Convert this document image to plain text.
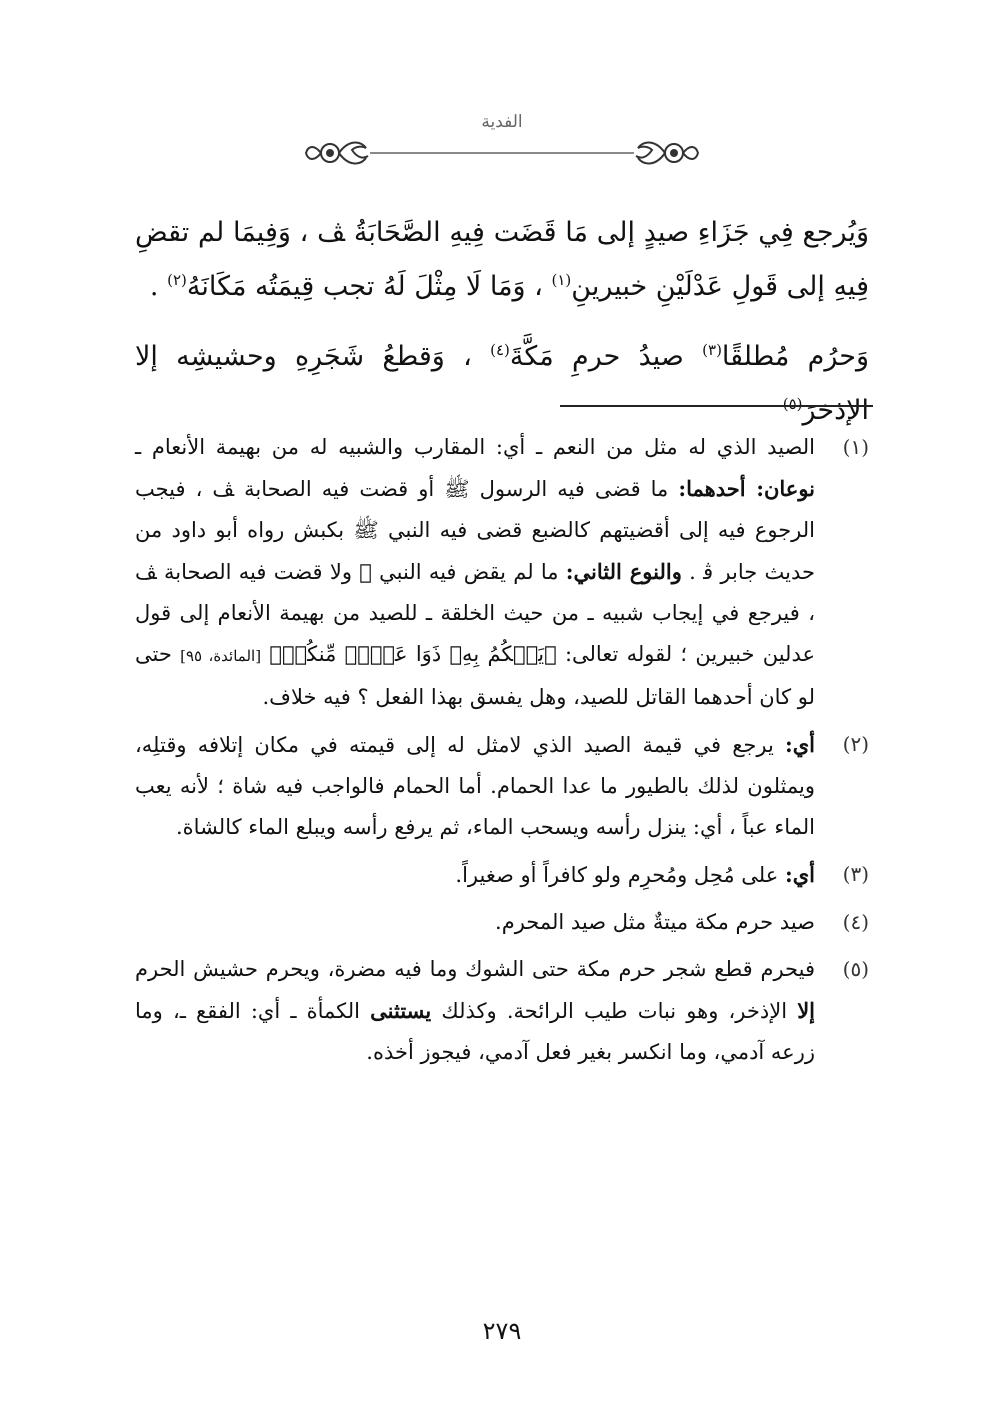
الفدية

وَيُرجع فِي جَزَاءِ صيدٍ إلى مَا قَضَت فِيهِ الصَّحَابَةُ ﭫ ، وَفِيمَا لم تقضِ فِيهِ إلى قَولِ عَدْلَيْنِ خبيرينِ$^{(١)}$ ، وَمَا لَا مِثْلَ لَهُ تجب قِيمَتُه مَكَانَهُ$^{(٢)}$ .

وَحرُم مُطلقًا$^{(٣)}$ صيدُ حرمِ مَكَّةَ$^{(٤)}$ ، وَقطعُ شَجَرِهِ وحشيشِه إلا الإذخرَ$^{(٥)}$

(١)
الصيد الذي له مثل من النعم ـ أي: المقارب والشبيه له من بهيمة الأنعام ـ نوعان: أحدهما: ما قضى فيه الرسول ﷺ أو قضت فيه الصحابة ﭫ ، فيجب الرجوع فيه إلى أقضيتهم كالضبع قضى فيه النبي ﷺ بكبش رواه أبو داود من حديث جابر ﭬ . والنوع الثاني: ما لم يقض فيه النبي ﷺ ولا قضت فيه الصحابة ﭫ ، فيرجع في إيجاب شبيه ـ من حيث الخلقة ـ للصيد من بهيمة الأنعام إلى قول عدلين خبيرين ؛ لقوله تعالى: ﴿يَحۡكُمُ بِهِۦ ذَوَا عَدۡلٖ مِّنكُمۡ﴾ [المائدة، ٩٥] حتى لو كان أحدهما القاتل للصيد، وهل يفسق بهذا الفعل ؟ فيه خلاف.
(٢)
أي: يرجع في قيمة الصيد الذي لامثل له إلى قيمته في مكان إتلافه وقتلِه، ويمثلون لذلك بالطيور ما عدا الحمام. أما الحمام فالواجب فيه شاة ؛ لأنه يعب الماء عباً ، أي: ينزل رأسه ويسحب الماء، ثم يرفع رأسه ويبلع الماء كالشاة.
(٣)
أي: على مُحِل ومُحرِم ولو كافراً أو صغيراً.
(٤)
صيد حرم مكة ميتةٌ مثل صيد المحرم.
(٥)
فيحرم قطع شجر حرم مكة حتى الشوك وما فيه مضرة، ويحرم حشيش الحرم إلا الإذخر، وهو نبات طيب الرائحة. وكذلك يستثنى الكمأة ـ أي: الفقع ـ، وما زرعه آدمي، وما انكسر بغير فعل آدمي، فيجوز أخذه.
٢٧٩
